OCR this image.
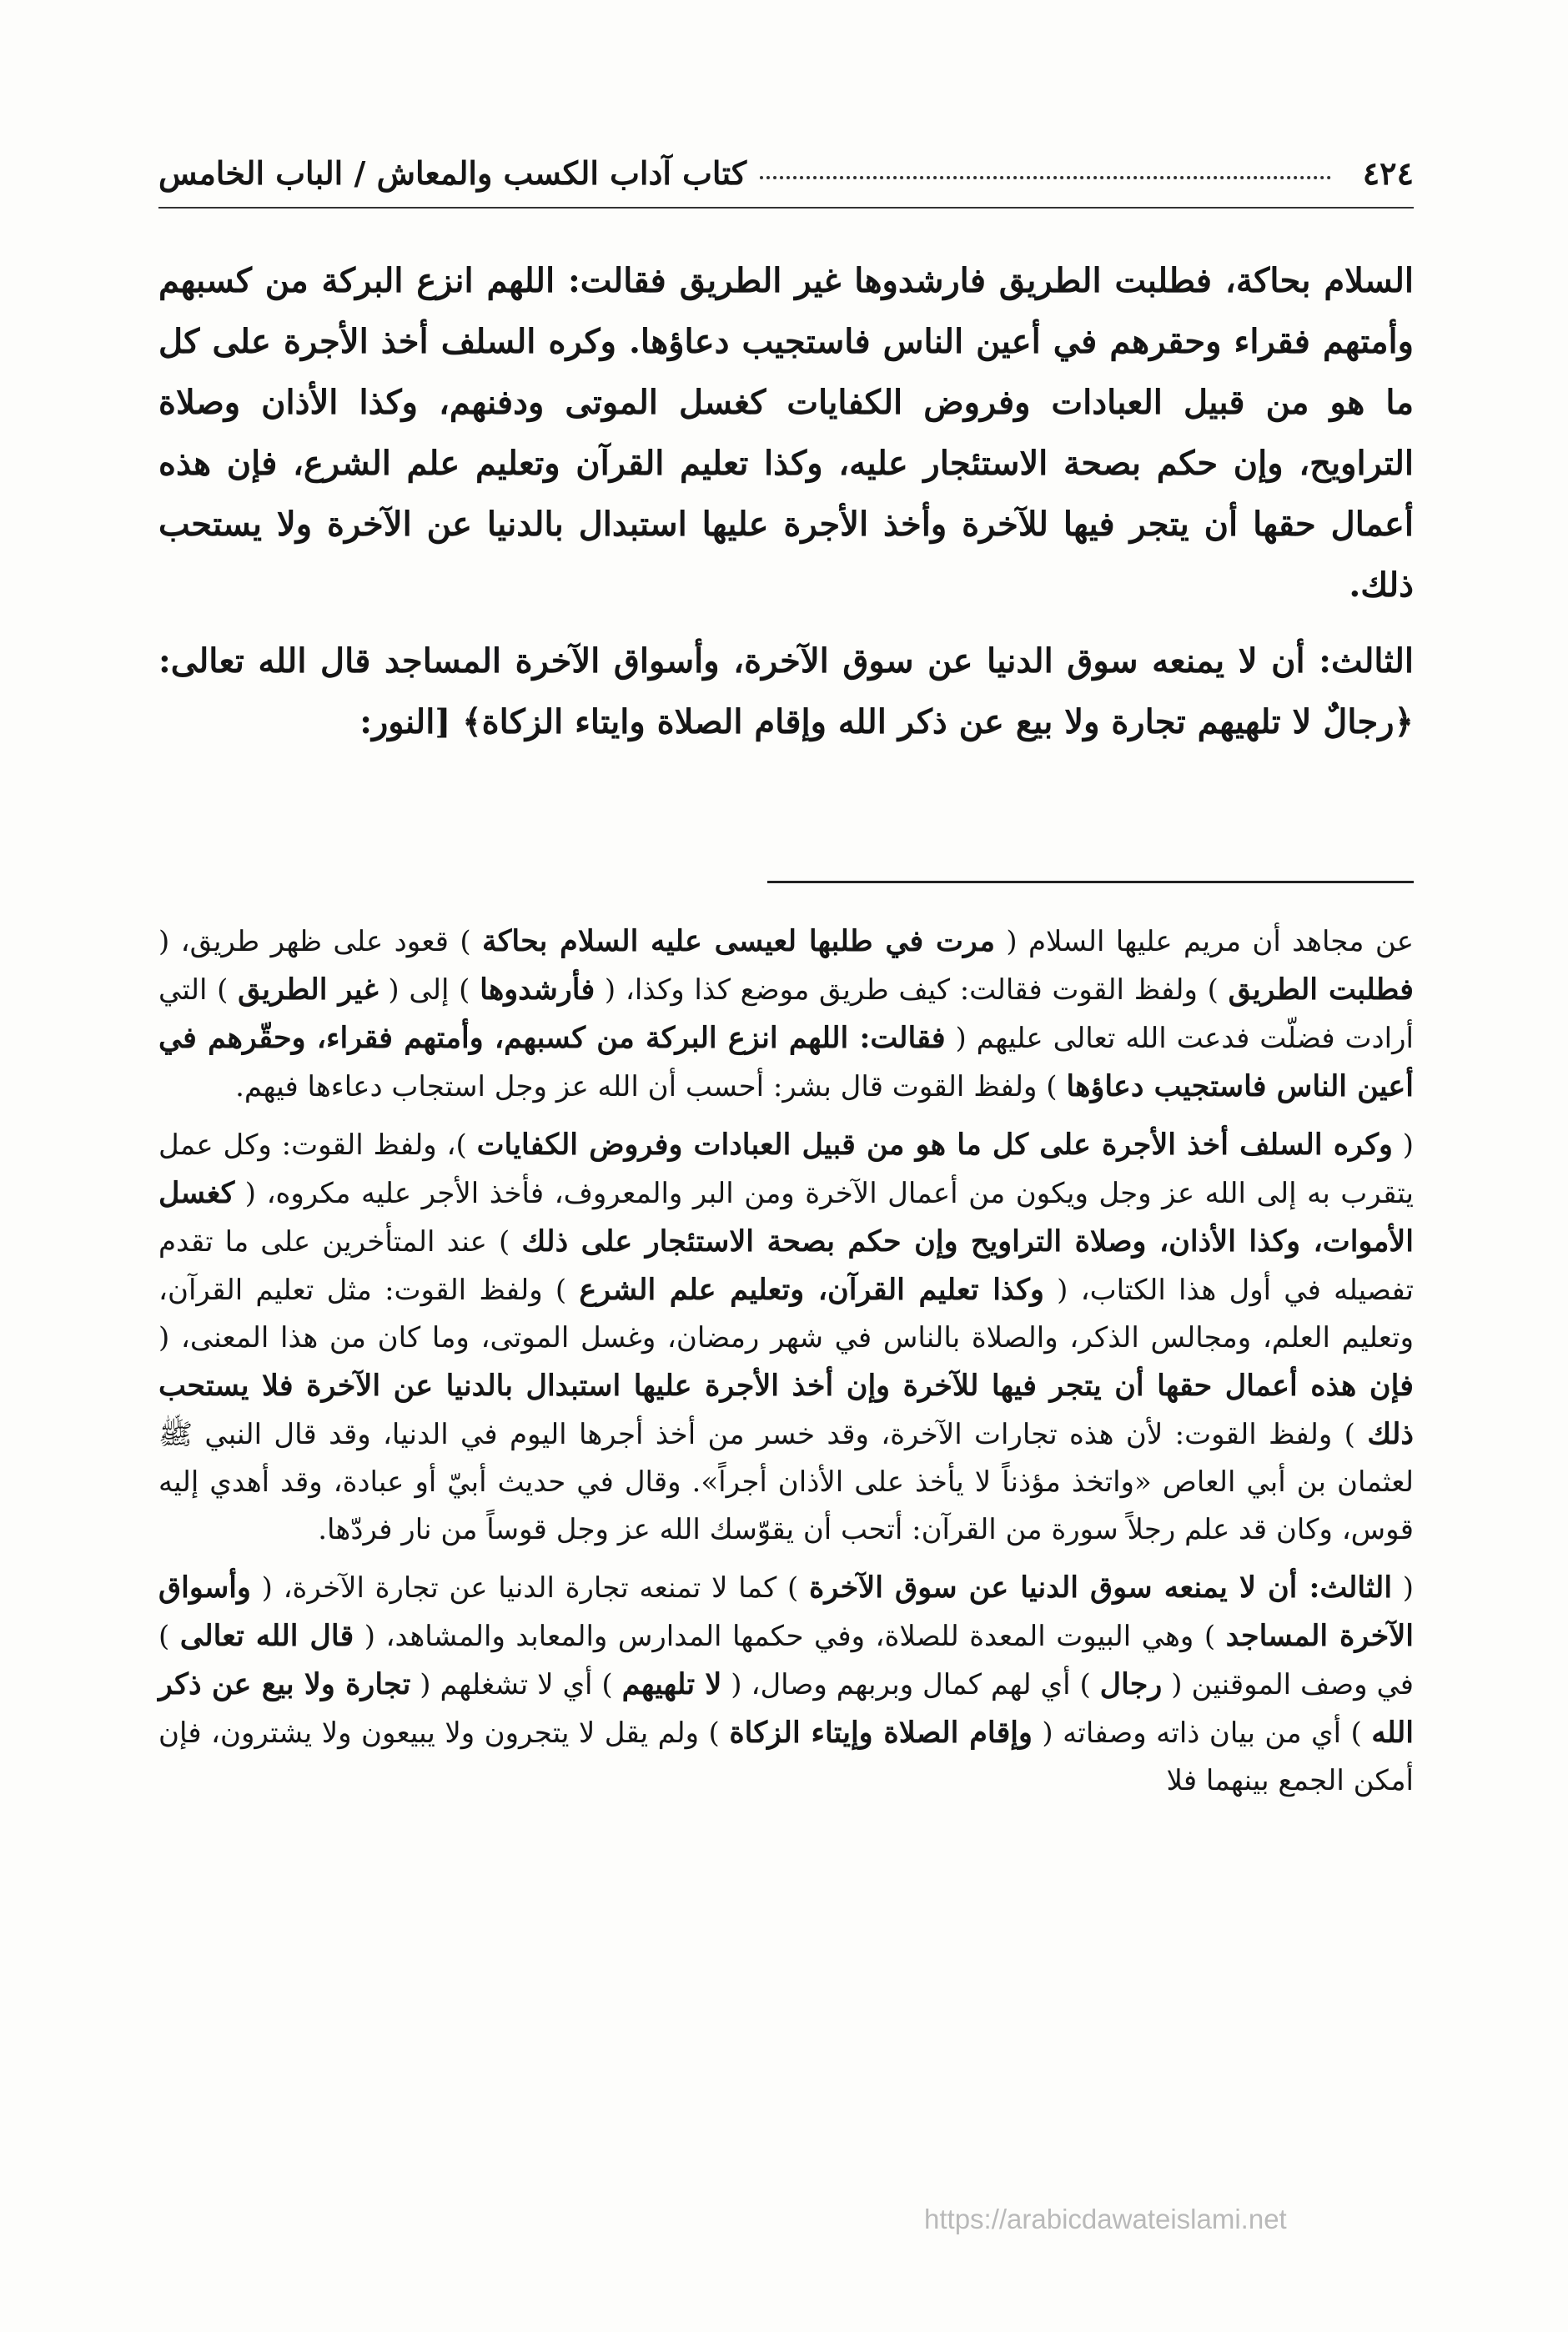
٤٢٤
كتاب آداب الكسب والمعاش / الباب الخامس

السلام بحاكة، فطلبت الطريق فارشدوها غير الطريق فقالت: اللهم انزع البركة من كسبهم وأمتهم فقراء وحقرهم في أعين الناس فاستجيب دعاؤها. وكره السلف أخذ الأجرة على كل ما هو من قبيل العبادات وفروض الكفايات كغسل الموتى ودفنهم، وكذا الأذان وصلاة التراويح، وإن حكم بصحة الاستئجار عليه، وكذا تعليم القرآن وتعليم علم الشرع، فإن هذه أعمال حقها أن يتجر فيها للآخرة وأخذ الأجرة عليها استبدال بالدنيا عن الآخرة ولا يستحب ذلك.

الثالث: أن لا يمنعه سوق الدنيا عن سوق الآخرة، وأسواق الآخرة المساجد قال الله تعالى: ﴿رجالٌ لا تلهيهم تجارة ولا بيع عن ذكر الله وإقام الصلاة وايتاء الزكاة﴾ [النور:

عن مجاهد أن مريم عليها السلام ( مرت في طلبها لعيسى عليه السلام بحاكة ) قعود على ظهر طريق، ( فطلبت الطريق ) ولفظ القوت فقالت: كيف طريق موضع كذا وكذا، ( فأرشدوها ) إلى ( غير الطريق ) التي أرادت فضلّت فدعت الله تعالى عليهم ( فقالت: اللهم انزع البركة من كسبهم، وأمتهم فقراء، وحقّرهم في أعين الناس فاستجيب دعاؤها ) ولفظ القوت قال بشر: أحسب أن الله عز وجل استجاب دعاءها فيهم.

( وكره السلف أخذ الأجرة على كل ما هو من قبيل العبادات وفروض الكفايات )، ولفظ القوت: وكل عمل يتقرب به إلى الله عز وجل ويكون من أعمال الآخرة ومن البر والمعروف، فأخذ الأجر عليه مكروه، ( كغسل الأموات، وكذا الأذان، وصلاة التراويح وإن حكم بصحة الاستئجار على ذلك ) عند المتأخرين على ما تقدم تفصيله في أول هذا الكتاب، ( وكذا تعليم القرآن، وتعليم علم الشرع ) ولفظ القوت: مثل تعليم القرآن، وتعليم العلم، ومجالس الذكر، والصلاة بالناس في شهر رمضان، وغسل الموتى، وما كان من هذا المعنى، ( فإن هذه أعمال حقها أن يتجر فيها للآخرة وإن أخذ الأجرة عليها استبدال بالدنيا عن الآخرة فلا يستحب ذلك ) ولفظ القوت: لأن هذه تجارات الآخرة، وقد خسر من أخذ أجرها اليوم في الدنيا، وقد قال النبي ﷺ لعثمان بن أبي العاص «واتخذ مؤذناً لا يأخذ على الأذان أجراً». وقال في حديث أبيّ أو عبادة، وقد أهدي إليه قوس، وكان قد علم رجلاً سورة من القرآن: أتحب أن يقوّسك الله عز وجل قوساً من نار فردّها.

( الثالث: أن لا يمنعه سوق الدنيا عن سوق الآخرة ) كما لا تمنعه تجارة الدنيا عن تجارة الآخرة، ( وأسواق الآخرة المساجد ) وهي البيوت المعدة للصلاة، وفي حكمها المدارس والمعابد والمشاهد، ( قال الله تعالى ) في وصف الموقنين ( رجال ) أي لهم كمال وبربهم وصال، ( لا تلهيهم ) أي لا تشغلهم ( تجارة ولا بيع عن ذكر الله ) أي من بيان ذاته وصفاته ( وإقام الصلاة وإيتاء الزكاة ) ولم يقل لا يتجرون ولا يبيعون ولا يشترون، فإن أمكن الجمع بينهما فلا

https://arabicdawateislami.net
